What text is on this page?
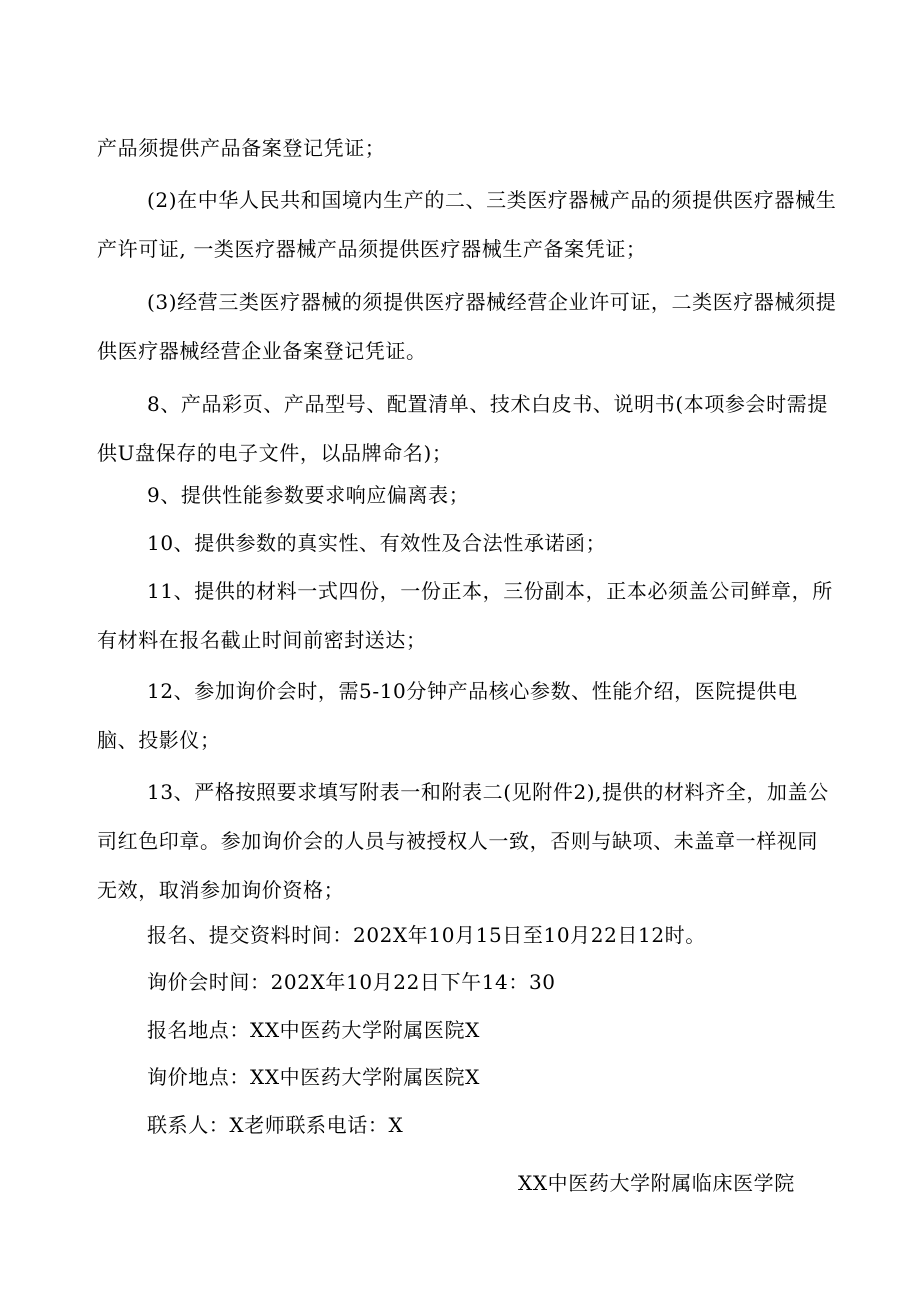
产品须提供产品备案登记凭证；

(2)在中华人民共和国境内生产的二、三类医疗器械产品的须提供医疗器械生产许可证, 一类医疗器械产品须提供医疗器械生产备案凭证；

(3)经营三类医疗器械的须提供医疗器械经营企业许可证，二类医疗器械须提供医疗器械经营企业备案登记凭证。

8、产品彩页、产品型号、配置清单、技术白皮书、说明书(本项参会时需提供U盘保存的电子文件，以品牌命名)；

9、提供性能参数要求响应偏离表；

10、提供参数的真实性、有效性及合法性承诺函；

11、提供的材料一式四份，一份正本，三份副本，正本必须盖公司鲜章，所有材料在报名截止时间前密封送达；

12、参加询价会时，需5-10分钟产品核心参数、性能介绍，医院提供电脑、投影仪；

13、严格按照要求填写附表一和附表二(见附件2),提供的材料齐全，加盖公司红色印章。参加询价会的人员与被授权人一致，否则与缺项、未盖章一样视同无效，取消参加询价资格；

报名、提交资料时间：202X年10月15日至10月22日12时。

询价会时间：202X年10月22日下午14：30

报名地点：XX中医药大学附属医院X

询价地点：XX中医药大学附属医院X

联系人：X老师联系电话：X

XX中医药大学附属临床医学院
